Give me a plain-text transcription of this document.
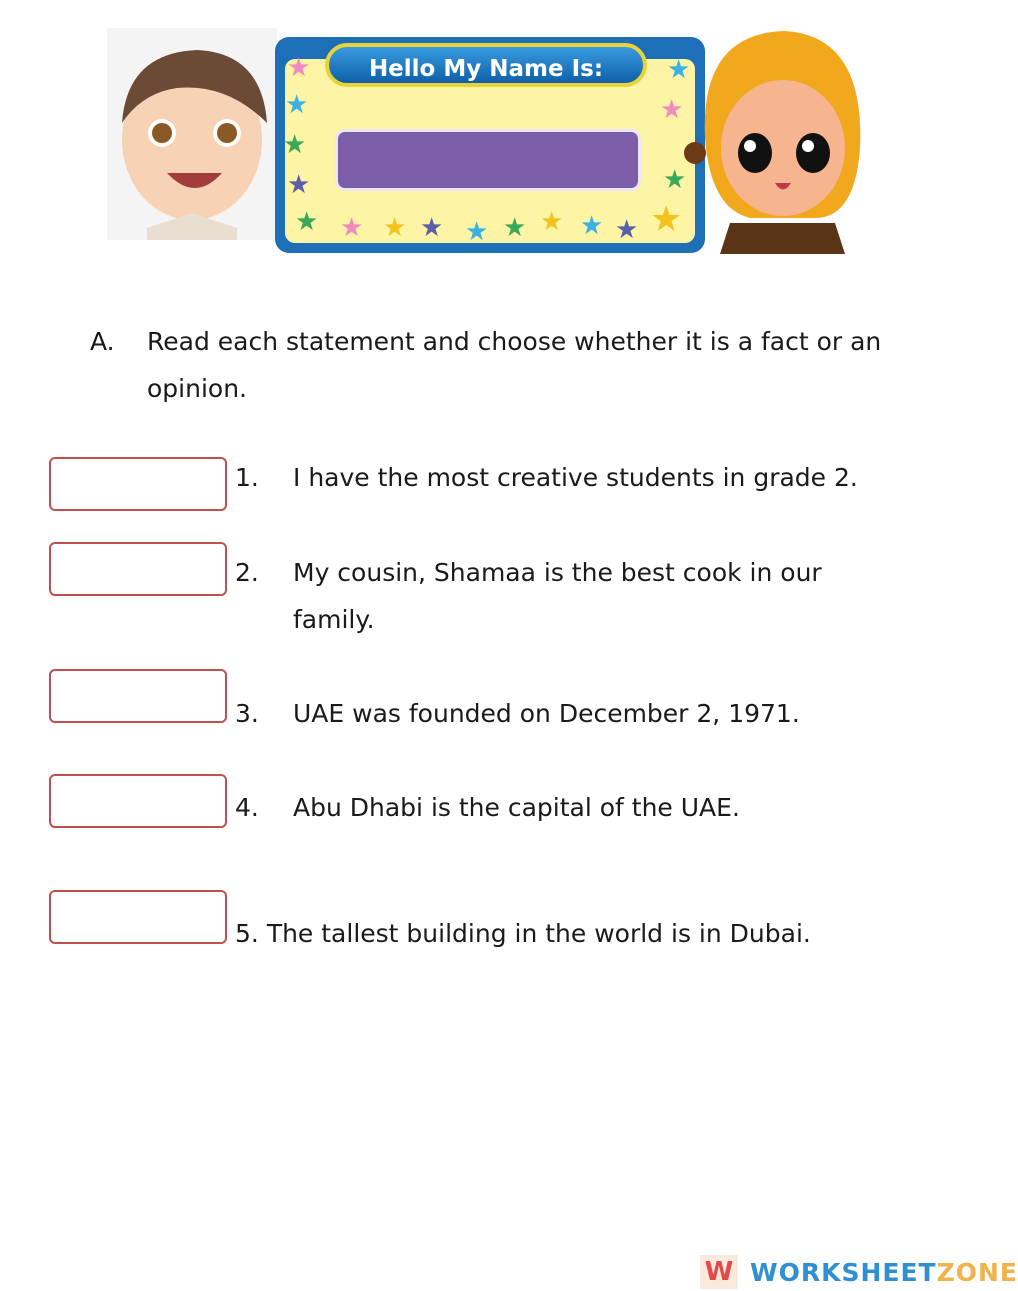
Hello My Name Is:
★
★
★
★
★ ★ ★ ★ ★ ★ ★ ★ ★
★
★
★
★
A. Read each statement and choose whether it is a fact or an opinion.
1. I have the most creative students in grade 2.
2. My cousin, Shamaa is the best cook in our family.
3. UAE was founded on December 2, 1971.
4. Abu Dhabi is the capital of the UAE.
5. The tallest building in the world is in Dubai.
W WORKSHEETZONE
